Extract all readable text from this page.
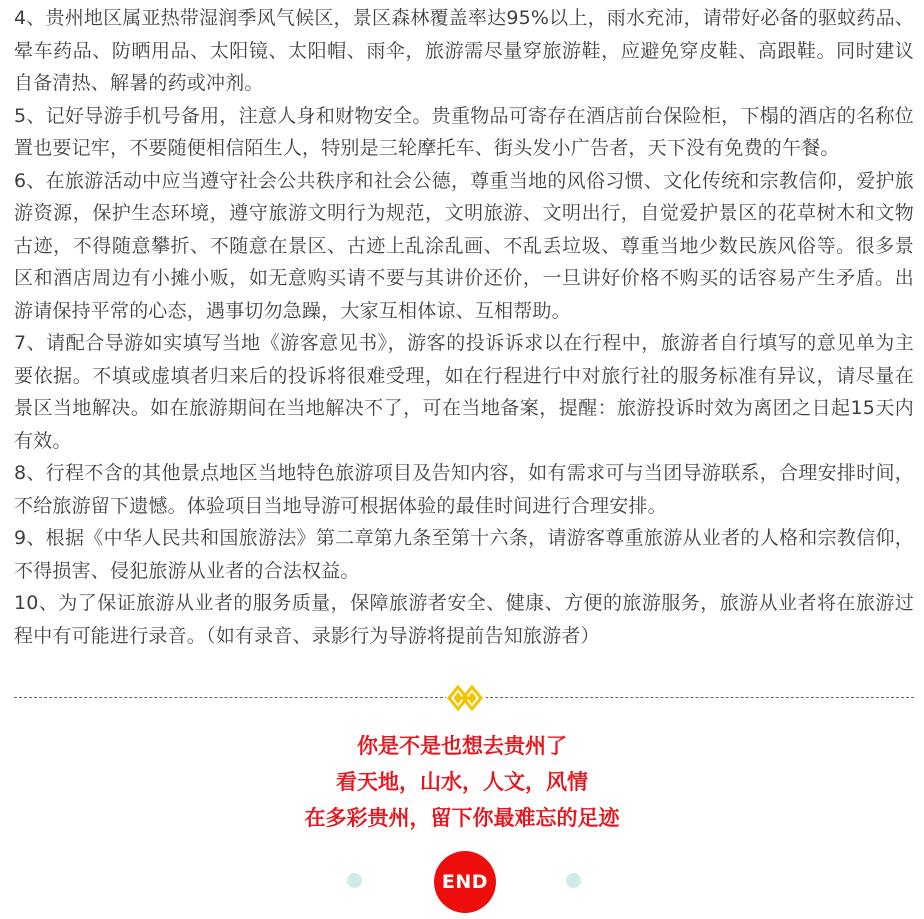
4、贵州地区属亚热带湿润季风气候区，景区森林覆盖率达95%以上，雨水充沛，请带好必备的驱蚊药品、晕车药品、防晒用品、太阳镜、太阳帽、雨伞，旅游需尽量穿旅游鞋，应避免穿皮鞋、高跟鞋。同时建议自备清热、解暑的药或冲剂。

5、记好导游手机号备用，注意人身和财物安全。贵重物品可寄存在酒店前台保险柜，下榻的酒店的名称位置也要记牢，不要随便相信陌生人，特别是三轮摩托车、街头发小广告者，天下没有免费的午餐。

6、在旅游活动中应当遵守社会公共秩序和社会公德，尊重当地的风俗习惯、文化传统和宗教信仰，爱护旅游资源，保护生态环境，遵守旅游文明行为规范，文明旅游、文明出行，自觉爱护景区的花草树木和文物古迹，不得随意攀折、不随意在景区、古迹上乱涂乱画、不乱丢垃圾、尊重当地少数民族风俗等。很多景区和酒店周边有小摊小贩，如无意购买请不要与其讲价还价，一旦讲好价格不购买的话容易产生矛盾。出游请保持平常的心态，遇事切勿急躁，大家互相体谅、互相帮助。

7、请配合导游如实填写当地《游客意见书》，游客的投诉诉求以在行程中，旅游者自行填写的意见单为主要依据。不填或虚填者归来后的投诉将很难受理，如在行程进行中对旅行社的服务标准有异议，请尽量在景区当地解决。如在旅游期间在当地解决不了，可在当地备案，提醒：旅游投诉时效为离团之日起15天内有效。

8、行程不含的其他景点地区当地特色旅游项目及告知内容，如有需求可与当团导游联系，合理安排时间，不给旅游留下遗憾。体验项目当地导游可根据体验的最佳时间进行合理安排。

9、根据《中华人民共和国旅游法》第二章第九条至第十六条，请游客尊重旅游从业者的人格和宗教信仰，不得损害、侵犯旅游从业者的合法权益。

10、为了保证旅游从业者的服务质量，保障旅游者安全、健康、方便的旅游服务，旅游从业者将在旅游过程中有可能进行录音。（如有录音、录影行为导游将提前告知旅游者）

你是不是也想去贵州了
看天地，山水，人文，风情
在多彩贵州，留下你最难忘的足迹
END
